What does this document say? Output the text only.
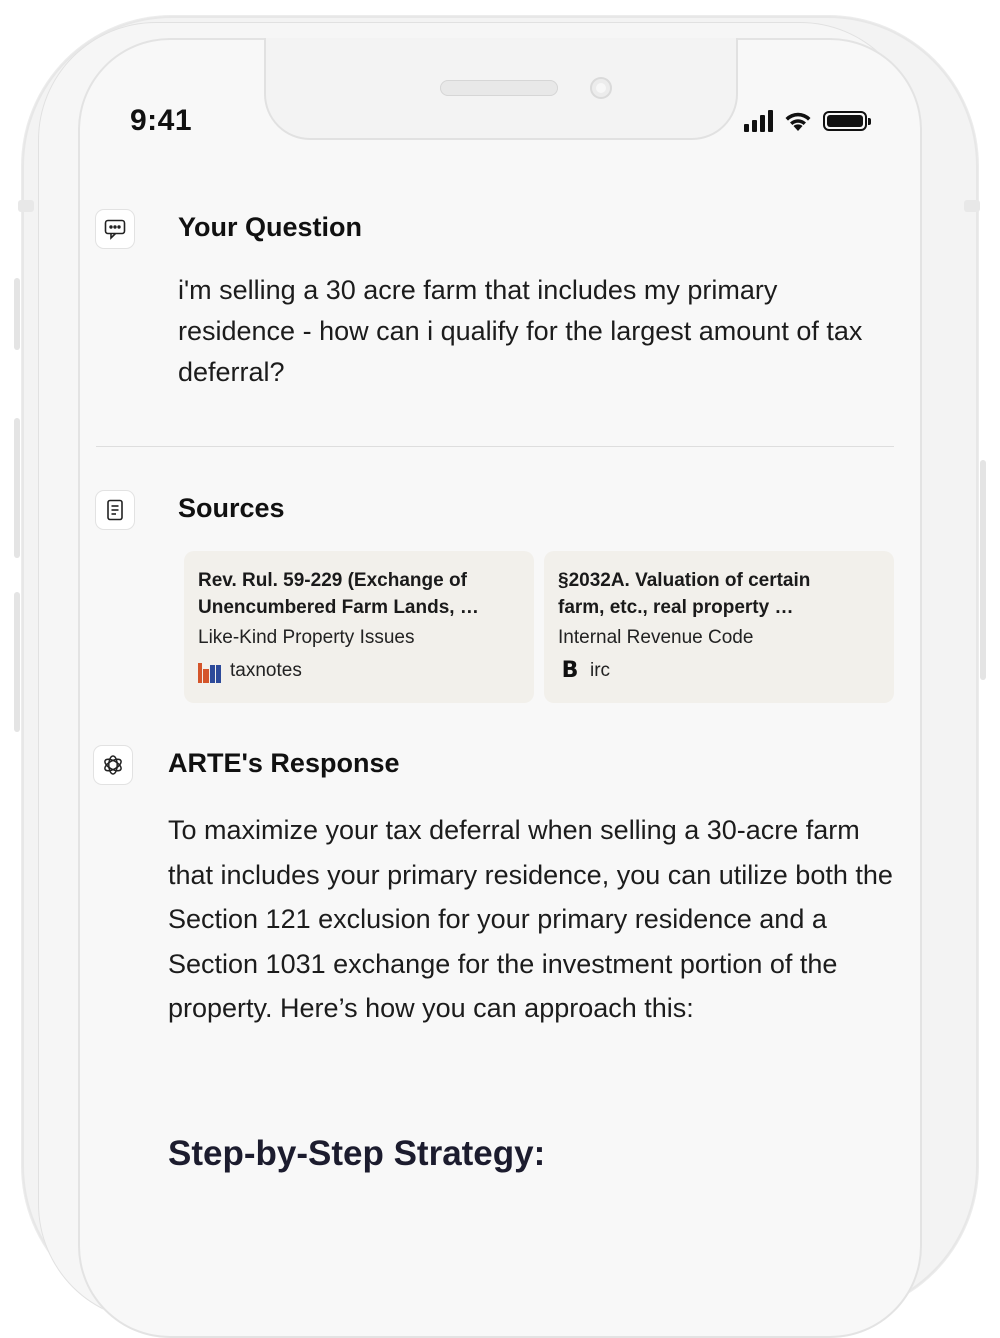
9:41
Your Question
i'm selling a 30 acre farm that includes my primary residence - how can i qualify for the largest amount of tax deferral?
Sources
Rev. Rul. 59-229 (Exchange of
Unencumbered Farm Lands, …
Like-Kind Property Issues
taxnotes
§2032A. Valuation of certain
farm, etc., real property …
Internal Revenue Code
B irc
ARTE's Response
To maximize your tax deferral when selling a 30-acre farm that includes your primary residence, you can utilize both the Section 121 exclusion for your primary residence and a Section 1031 exchange for the investment portion of the property. Here’s how you can approach this:
Step-by-Step Strategy:
